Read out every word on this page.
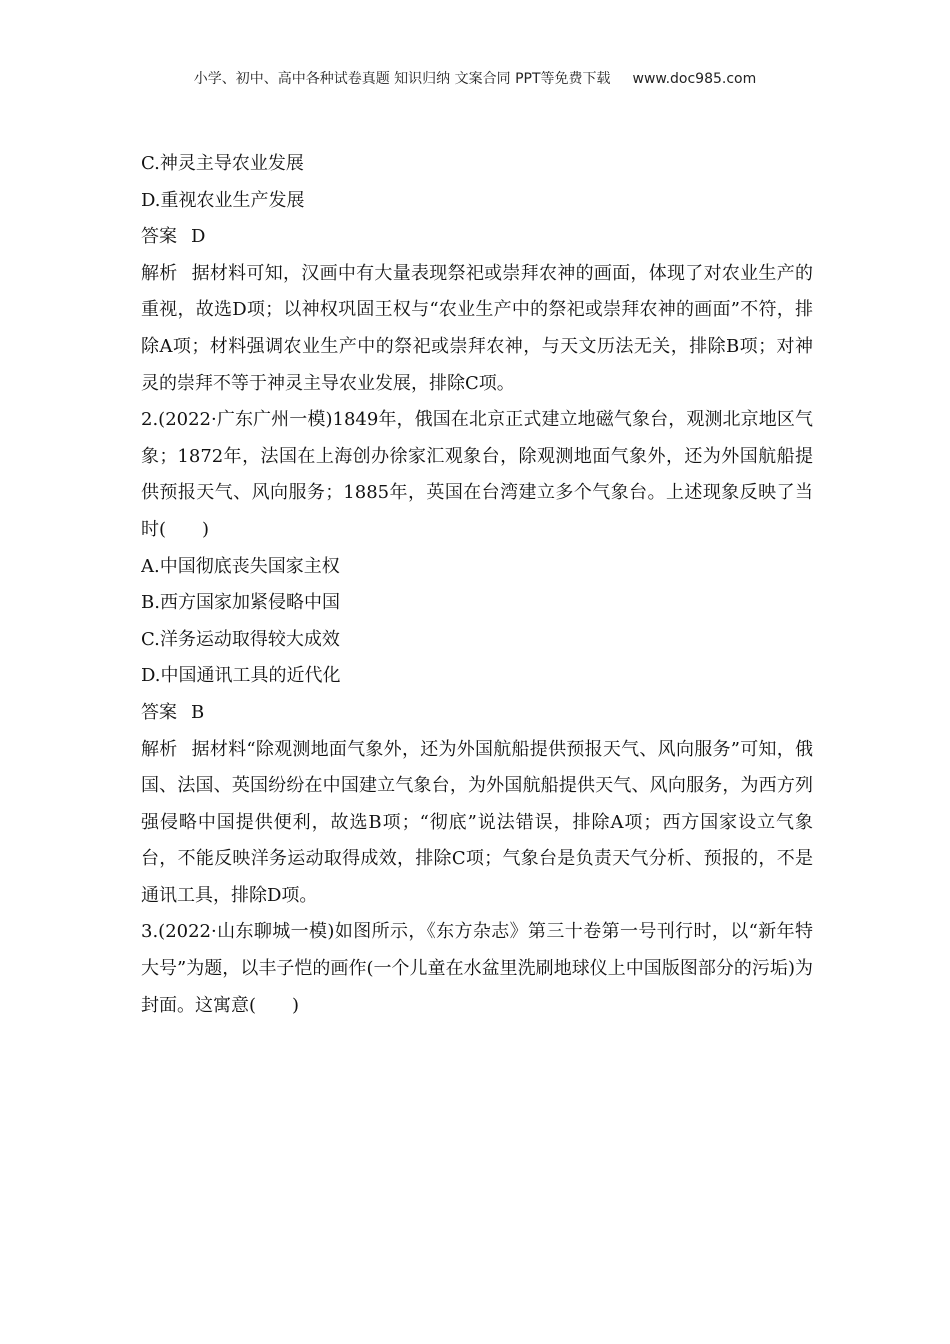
小学、初中、高中各种试卷真题 知识归纳 文案合同 PPT等免费下载 www.doc985.com
C.神灵主导农业发展
D.重视农业生产发展
答案 D
解析 据材料可知，汉画中有大量表现祭祀或崇拜农神的画面，体现了对农业生产的重视，故选D项；以神权巩固王权与“农业生产中的祭祀或崇拜农神的画面”不符，排除A项；材料强调农业生产中的祭祀或崇拜农神，与天文历法无关，排除B项；对神灵的崇拜不等于神灵主导农业发展，排除C项。
2.(2022·广东广州一模)1849年，俄国在北京正式建立地磁气象台，观测北京地区气象；1872年，法国在上海创办徐家汇观象台，除观测地面气象外，还为外国航船提供预报天气、风向服务；1885年，英国在台湾建立多个气象台。上述现象反映了当时(　　)
A.中国彻底丧失国家主权
B.西方国家加紧侵略中国
C.洋务运动取得较大成效
D.中国通讯工具的近代化
答案 B
解析 据材料“除观测地面气象外，还为外国航船提供预报天气、风向服务”可知，俄国、法国、英国纷纷在中国建立气象台，为外国航船提供天气、风向服务，为西方列强侵略中国提供便利，故选B项；“彻底”说法错误，排除A项；西方国家设立气象台，不能反映洋务运动取得成效，排除C项；气象台是负责天气分析、预报的，不是通讯工具，排除D项。
3.(2022·山东聊城一模)如图所示，《东方杂志》第三十卷第一号刊行时，以“新年特大号”为题，以丰子恺的画作(一个儿童在水盆里洗刷地球仪上中国版图部分的污垢)为封面。这寓意(　　)
